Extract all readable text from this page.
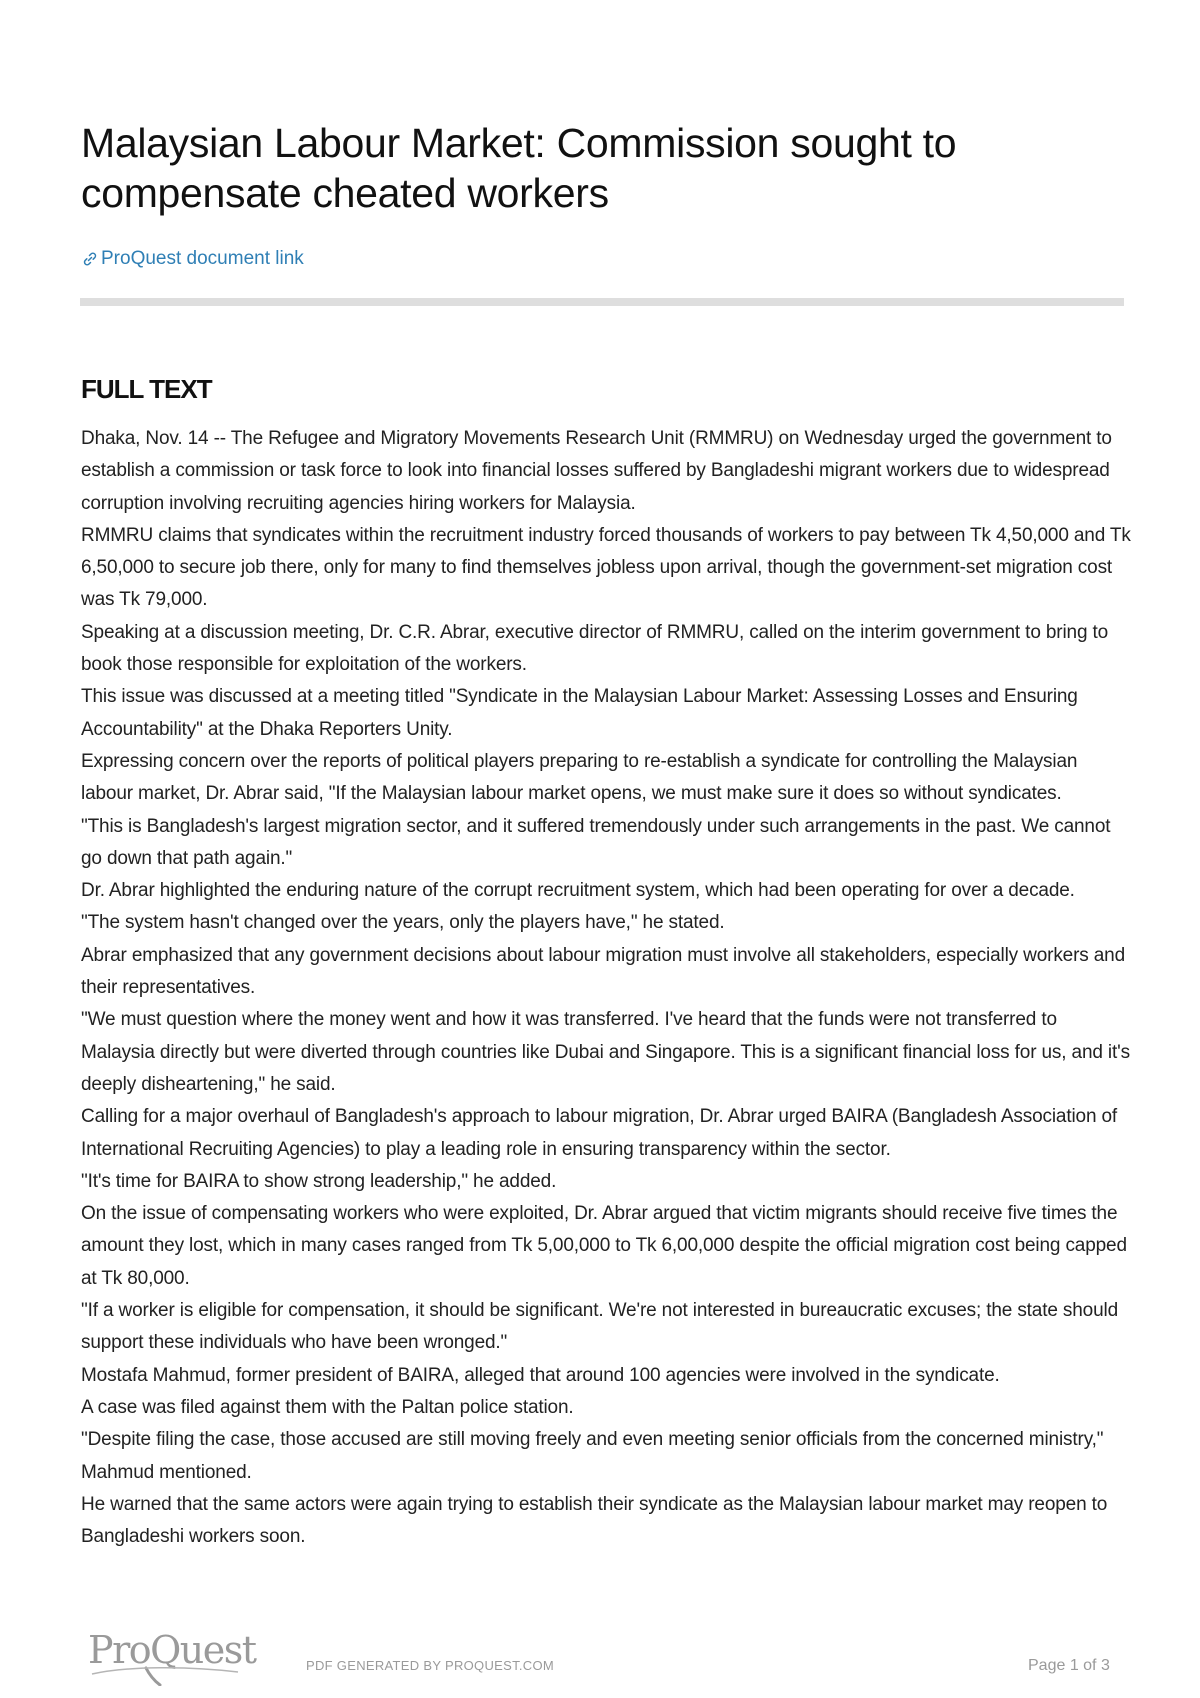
Malaysian Labour Market: Commission sought to compensate cheated workers
ProQuest document link
FULL TEXT

Dhaka, Nov. 14 -- The Refugee and Migratory Movements Research Unit (RMMRU) on Wednesday urged the government to establish a commission or task force to look into financial losses suffered by Bangladeshi migrant workers due to widespread corruption involving recruiting agencies hiring workers for Malaysia.

RMMRU claims that syndicates within the recruitment industry forced thousands of workers to pay between Tk 4,50,000 and Tk 6,50,000 to secure job there, only for many to find themselves jobless upon arrival, though the government-set migration cost was Tk 79,000.

Speaking at a discussion meeting, Dr. C.R. Abrar, executive director of RMMRU, called on the interim government to bring to book those responsible for exploitation of the workers.

This issue was discussed at a meeting titled "Syndicate in the Malaysian Labour Market: Assessing Losses and Ensuring Accountability" at the Dhaka Reporters Unity.

Expressing concern over the reports of political players preparing to re-establish a syndicate for controlling the Malaysian labour market, Dr. Abrar said, "If the Malaysian labour market opens, we must make sure it does so without syndicates.

"This is Bangladesh's largest migration sector, and it suffered tremendously under such arrangements in the past. We cannot go down that path again."

Dr. Abrar highlighted the enduring nature of the corrupt recruitment system, which had been operating for over a decade.

"The system hasn't changed over the years, only the players have," he stated.

Abrar emphasized that any government decisions about labour migration must involve all stakeholders, especially workers and their representatives.

"We must question where the money went and how it was transferred. I've heard that the funds were not transferred to Malaysia directly but were diverted through countries like Dubai and Singapore. This is a significant financial loss for us, and it's deeply disheartening," he said.

Calling for a major overhaul of Bangladesh's approach to labour migration, Dr. Abrar urged BAIRA (Bangladesh Association of International Recruiting Agencies) to play a leading role in ensuring transparency within the sector.

"It's time for BAIRA to show strong leadership," he added.

On the issue of compensating workers who were exploited, Dr. Abrar argued that victim migrants should receive five times the amount they lost, which in many cases ranged from Tk 5,00,000 to Tk 6,00,000 despite the official migration cost being capped at Tk 80,000.

"If a worker is eligible for compensation, it should be significant. We're not interested in bureaucratic excuses; the state should support these individuals who have been wronged."

Mostafa Mahmud, former president of BAIRA, alleged that around 100 agencies were involved in the syndicate.

A case was filed against them with the Paltan police station.

"Despite filing the case, those accused are still moving freely and even meeting senior officials from the concerned ministry," Mahmud mentioned.

He warned that the same actors were again trying to establish their syndicate as the Malaysian labour market may reopen to Bangladeshi workers soon.

ProQuest	PDF GENERATED BY PROQUEST.COM	Page 1 of 3
